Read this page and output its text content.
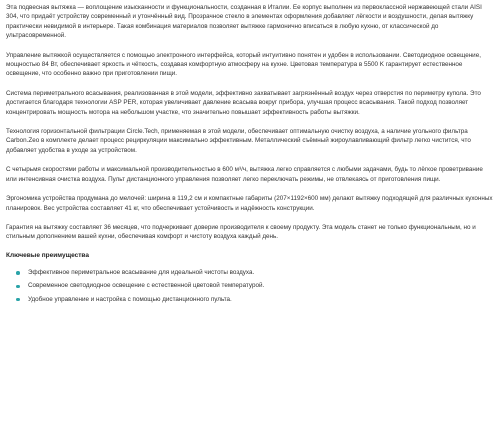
Эта подвесная вытяжка — воплощение изысканности и функциональности, созданная в Италии. Ее корпус выполнен из первоклассной нержавеющей стали AISI 304, что придаёт устройству современный и утончённый вид. Прозрачное стекло в элементах оформления добавляет лёгкости и воздушности, делая вытяжку практически невидимой в интерьере. Такая комбинация материалов позволяет вытяжке гармонично вписаться в любую кухню, от классической до ультрасовременной.

Управление вытяжкой осуществляется с помощью электронного интерфейса, который интуитивно понятен и удобен в использовании. Светодиодное освещение, мощностью 84 Вт, обеспечивает яркость и чёткость, создавая комфортную атмосферу на кухне. Цветовая температура в 5500 K гарантирует естественное освещение, что особенно важно при приготовлении пищи.

Система периметрального всасывания, реализованная в этой модели, эффективно захватывает загрязнённый воздух через отверстия по периметру купола. Это достигается благодаря технологии ASP PER, которая увеличивает давление всасыва вокруг прибора, улучшая процесс всасывания. Такой подход позволяет концентрировать мощность мотора на небольшом участке, что значительно повышает эффективность работы вытяжки.

Технология горизонтальной фильтрации Circle.Tech, применяемая в этой модели, обеспечивает оптимальную очистку воздуха, а наличие угольного фильтра Carbon.Zeo в комплекте делает процесс рециркуляции максимально эффективным. Металлический съёмный жироулавливающий фильтр легко чистится, что добавляет удобства в уходе за устройством.

С четырьмя скоростями работы и максимальной производительностью в 600 м³/ч, вытяжка легко справляется с любыми задачами, будь то лёгкое проветривание или интенсивная очистка воздуха. Пульт дистанционного управления позволяет легко переключать режимы, не отвлекаясь от приготовления пищи.

Эргономика устройства продумана до мелочей: ширина в 119,2 см и компактные габариты (207×1192×600 мм) делают вытяжку подходящей для различных кухонных планировок. Вес устройства составляет 41 кг, что обеспечивает устойчивость и надёжность конструкции.

Гарантия на вытяжку составляет 36 месяцев, что подчеркивает доверие производителя к своему продукту. Эта модель станет не только функциональным, но и стильным дополнением вашей кухни, обеспечивая комфорт и чистоту воздуха каждый день.

Ключевые преимущества
Эффективное периметральное всасывание для идеальной чистоты воздуха.
Современное светодиодное освещение с естественной цветовой температурой.
Удобное управление и настройка с помощью дистанционного пульта.
